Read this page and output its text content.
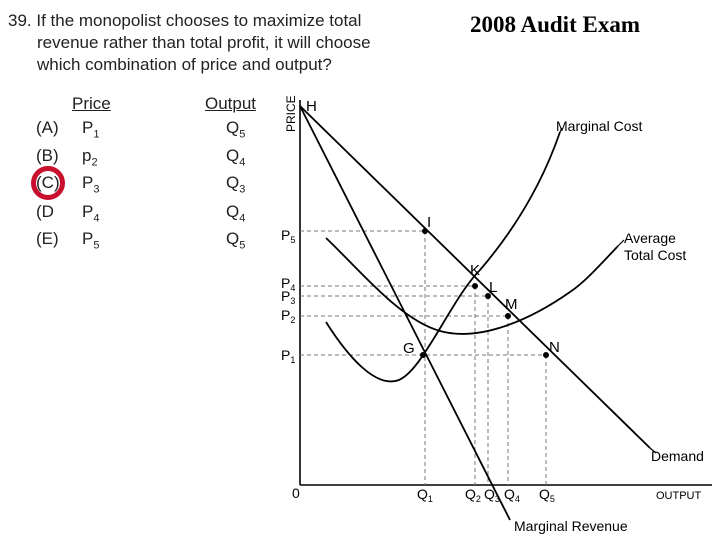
39. If the monopolist chooses to maximize total
revenue rather than total profit, it will choose
which combination of price and output?
2008 Audit Exam
Price	Output
(A) $P_1$	$Q_5$
(B) $p_2$	$Q_4$
(C) $P_3$	$Q_3$
(D $P_4$	$Q_4$
(E) $P_5$	$Q_5$
PRICE
OUTPUT
0
H
I
K
L
M
N
G
Marginal Cost
Average
Total Cost
Demand
Marginal Revenue
$P_5$
$P_4$
$P_3$
$P_2$
$P_1$
$Q_1$ $Q_2$ $Q_3$ $Q_4$ $Q_5$
